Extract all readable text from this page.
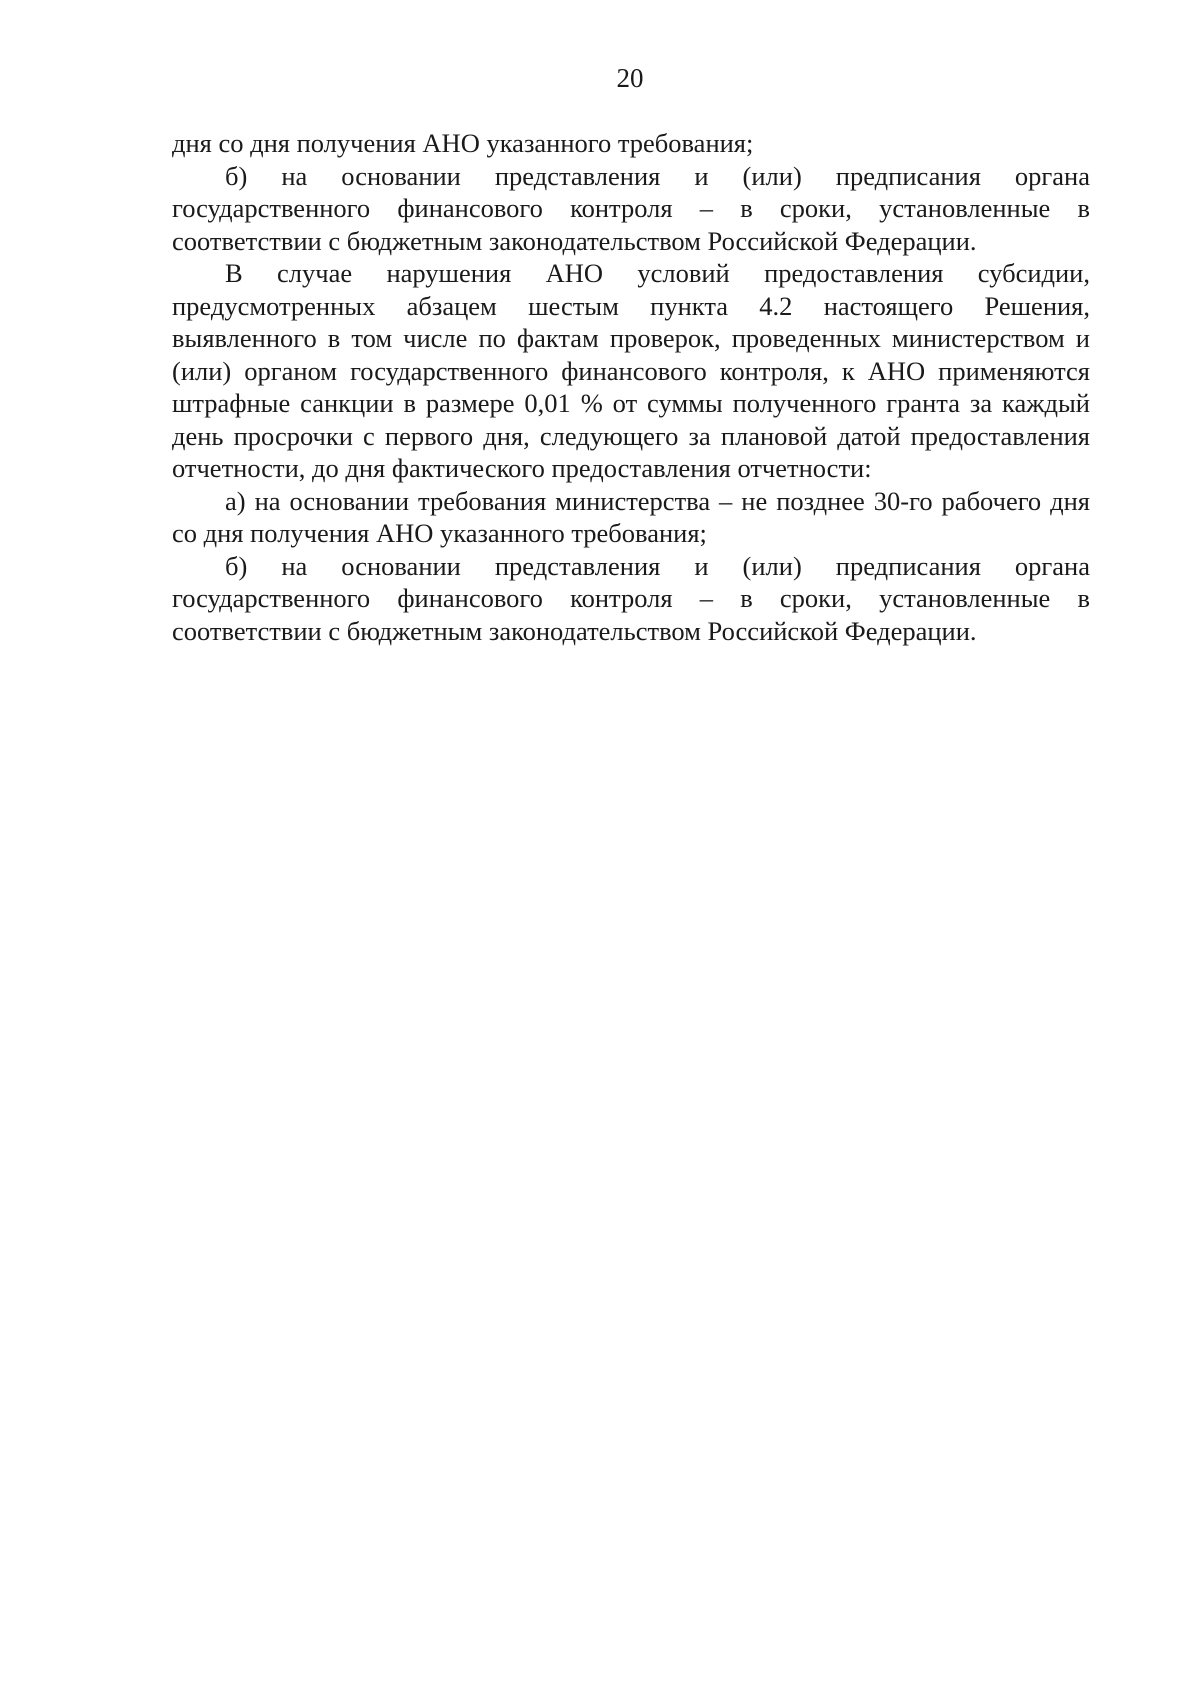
20

дня со дня получения АНО указанного требования;

б) на основании представления и (или) предписания органа государственного финансового контроля – в сроки, установленные в соответствии с бюджетным законодательством Российской Федерации.

В случае нарушения АНО условий предоставления субсидии, предусмотренных абзацем шестым пункта 4.2 настоящего Решения, выявленного в том числе по фактам проверок, проведенных министерством и (или) органом государственного финансового контроля, к АНО применяются штрафные санкции в размере 0,01 % от суммы полученного гранта за каждый день просрочки с первого дня, следующего за плановой датой предоставления отчетности, до дня фактического предоставления отчетности:

а) на основании требования министерства – не позднее 30-го рабочего дня со дня получения АНО указанного требования;

б) на основании представления и (или) предписания органа государственного финансового контроля – в сроки, установленные в соответствии с бюджетным законодательством Российской Федерации.
